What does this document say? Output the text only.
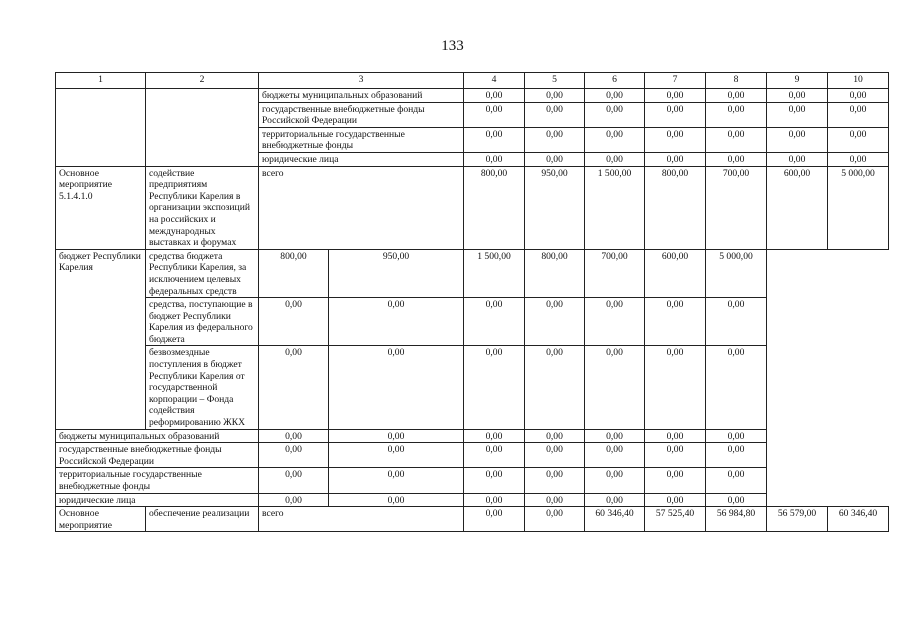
133
1	2	3		4	5	6	7	8	9	10
		бюджеты муниципальных образований		0,00	0,00	0,00	0,00	0,00	0,00	0,00
		государственные внебюджетные фонды Российской Федерации		0,00	0,00	0,00	0,00	0,00	0,00	0,00
		территориальные государственные внебюджетные фонды		0,00	0,00	0,00	0,00	0,00	0,00	0,00
		юридические лица		0,00	0,00	0,00	0,00	0,00	0,00	0,00
Основное мероприятие 5.1.4.1.0	содействие предприятиям Республики Карелия в организации экспозиций на российских и международных выставках и форумах	всего		800,00	950,00	1 500,00	800,00	700,00	600,00	5 000,00
бюджет Республики Карелия	средства бюджета Республики Карелия, за исключением целевых федеральных средств	800,00	950,00	1 500,00	800,00	700,00	600,00	5 000,00		
	средства, поступающие в бюджет Республики Карелия из федерального бюджета	0,00	0,00	0,00	0,00	0,00	0,00	0,00		
	безвозмездные поступления в бюджет Республики Карелия от государственной корпорации – Фонда содействия реформированию ЖКХ	0,00	0,00	0,00	0,00	0,00	0,00	0,00		
бюджеты муниципальных образований		0,00	0,00	0,00	0,00	0,00	0,00	0,00		
государственные внебюджетные фонды Российской Федерации		0,00	0,00	0,00	0,00	0,00	0,00	0,00		
территориальные государственные внебюджетные фонды		0,00	0,00	0,00	0,00	0,00	0,00	0,00		
юридические лица		0,00	0,00	0,00	0,00	0,00	0,00	0,00		
Основное мероприятие	обеспечение реализации	всего		0,00	0,00	60 346,40	57 525,40	56 984,80	56 579,00	60 346,40
